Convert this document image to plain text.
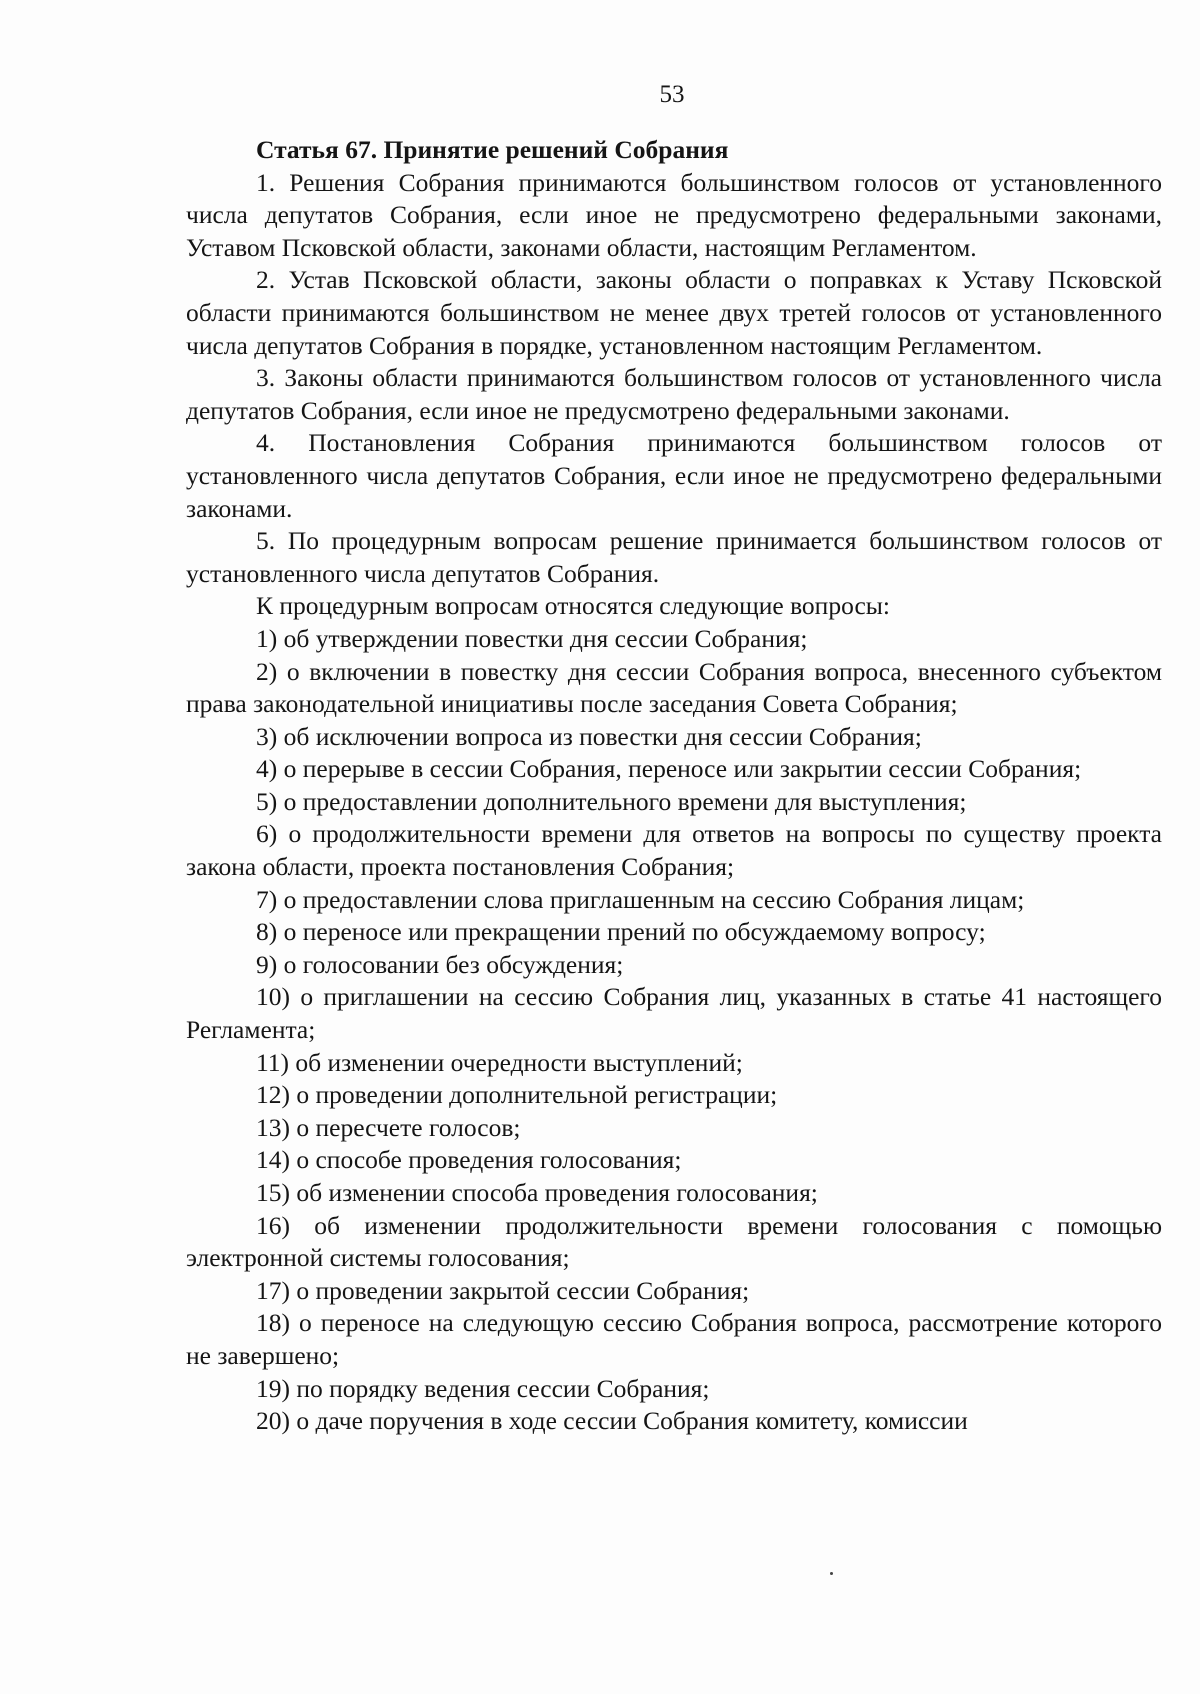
53

Статья 67. Принятие решений Собрания

1. Решения Собрания принимаются большинством голосов от установленного числа депутатов Собрания, если иное не предусмотрено федеральными законами, Уставом Псковской области, законами области, настоящим Регламентом.

2. Устав Псковской области, законы области о поправках к Уставу Псковской области принимаются большинством не менее двух третей голосов от установленного числа депутатов Собрания в порядке, установленном настоящим Регламентом.

3. Законы области принимаются большинством голосов от установленного числа депутатов Собрания, если иное не предусмотрено федеральными законами.

4. Постановления Собрания принимаются большинством голосов от установленного числа депутатов Собрания, если иное не предусмотрено федеральными законами.

5. По процедурным вопросам решение принимается большинством голосов от установленного числа депутатов Собрания.

К процедурным вопросам относятся следующие вопросы:

1) об утверждении повестки дня сессии Собрания;

2) о включении в повестку дня сессии Собрания вопроса, внесенного субъектом права законодательной инициативы после заседания Совета Собрания;

3) об исключении вопроса из повестки дня сессии Собрания;

4) о перерыве в сессии Собрания, переносе или закрытии сессии Собрания;

5) о предоставлении дополнительного времени для выступления;

6) о продолжительности времени для ответов на вопросы по существу проекта закона области, проекта постановления Собрания;

7) о предоставлении слова приглашенным на сессию Собрания лицам;

8) о переносе или прекращении прений по обсуждаемому вопросу;

9) о голосовании без обсуждения;

10) о приглашении на сессию Собрания лиц, указанных в статье 41 настоящего Регламента;

11) об изменении очередности выступлений;

12) о проведении дополнительной регистрации;

13) о пересчете голосов;

14) о способе проведения голосования;

15) об изменении способа проведения голосования;

16) об изменении продолжительности времени голосования с помощью электронной системы голосования;

17) о проведении закрытой сессии Собрания;

18) о переносе на следующую сессию Собрания вопроса, рассмотрение которого не завершено;

19) по порядку ведения сессии Собрания;

20) о даче поручения в ходе сессии Собрания комитету, комиссии
